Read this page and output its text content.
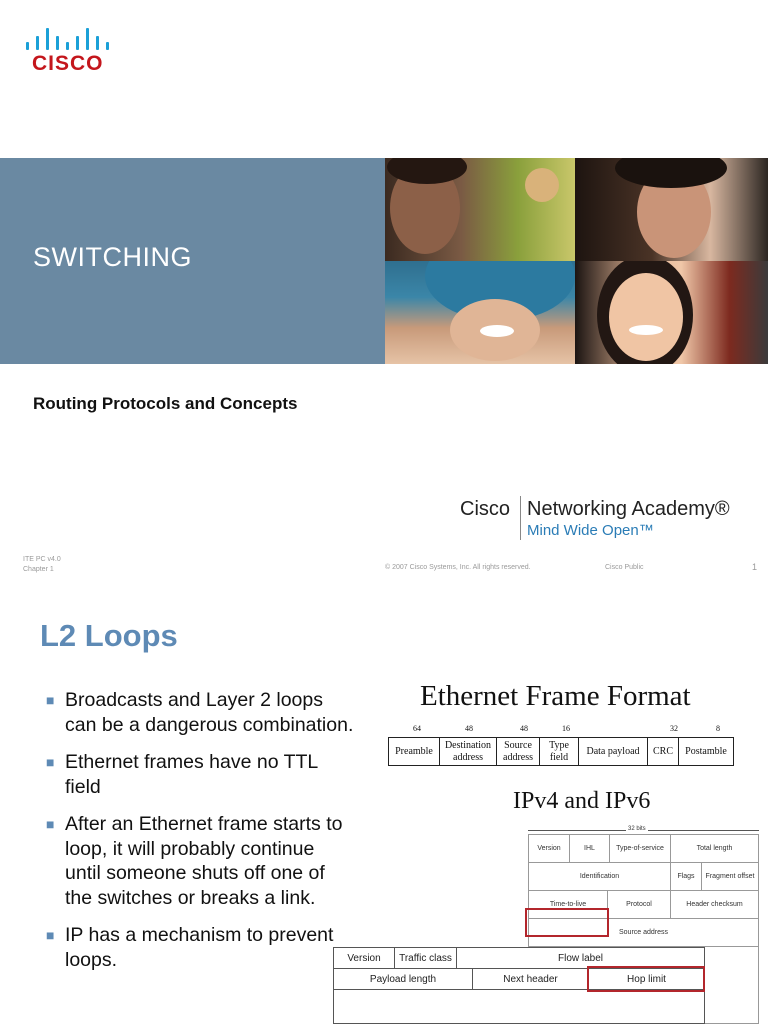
CISCO
SWITCHING
Routing Protocols and Concepts
Cisco Networking Academy®
Mind Wide Open™
ITE PC v4.0
Chapter 1	© 2007 Cisco Systems, Inc. All rights reserved.	Cisco Public	1
L2 Loops
■ Broadcasts and Layer 2 loops can be a dangerous combination.
■ Ethernet frames have no TTL field
■ After an Ethernet frame starts to loop, it will probably continue until someone shuts off one of the switches or breaks a link.
■ IP has a mechanism to prevent loops.
Ethernet Frame Format
64	48	48	16	32	8
Preamble	Destination address	Source address	Type field	Data payload	CRC	Postamble
IPv4 and IPv6
32 bits
Version	IHL	Type-of-service	Total length
Identification	Flags	Fragment offset
Time-to-live	Protocol	Header checksum
Source address
Version	Traffic class	Flow label
Payload length	Next header	Hop limit
